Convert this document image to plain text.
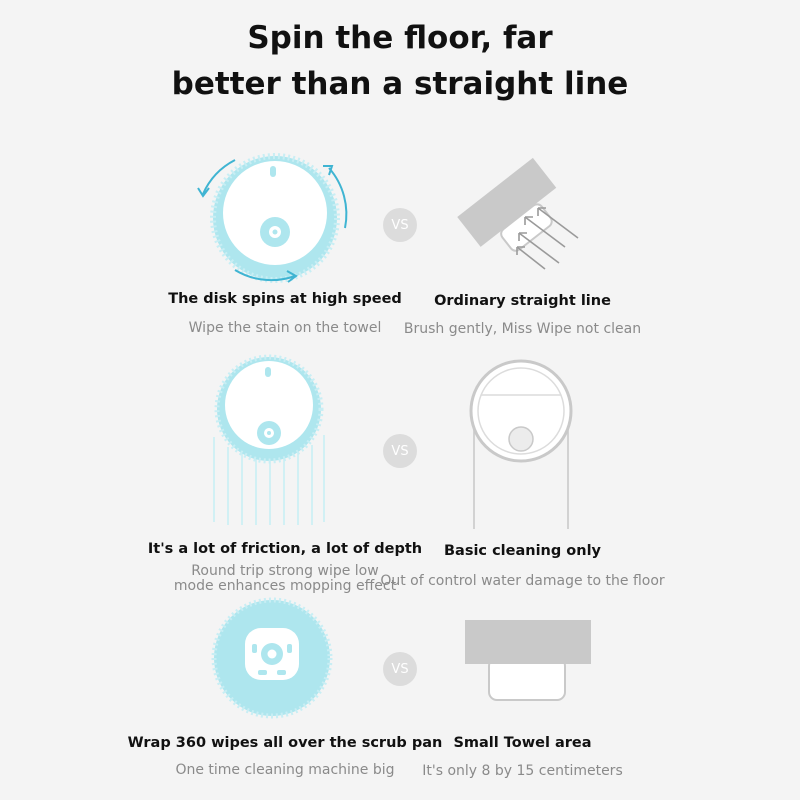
Spin the floor, far
better than a straight line
VS
The disk spins at high speed
Wipe the stain on the towel
Ordinary straight line
Brush gently, Miss Wipe not clean
VS
It's a lot of friction, a lot of depth
Round trip strong wipe low
mode enhances mopping effect
Basic cleaning only
Out of control water damage to the floor
VS
Wrap 360 wipes all over the scrub pan
One time cleaning machine big
Small Towel area
It's only 8 by 15 centimeters
